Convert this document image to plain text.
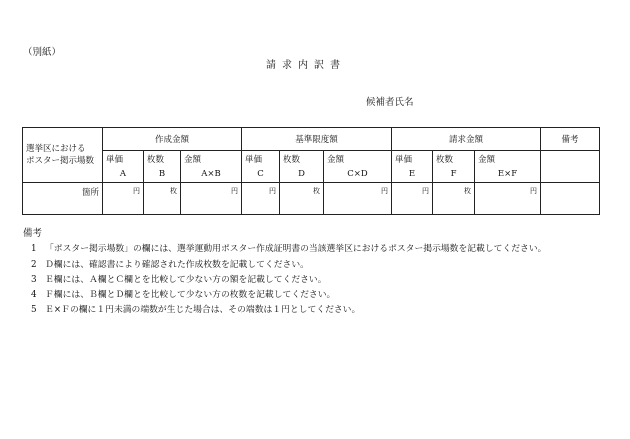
（別紙）
請求内訳書
候補者氏名
選挙区における
ポスター掲示場数	作成金額			基準限度額			請求金額			備考
	単価	枚数	金額	単価	枚数	金額	単価	枚数	金額	
	A	B	A×B	C	D	C×D	E	F	E×F	
箇所	円	枚	円	円	枚	円	円	枚	円	
備考
1 「ポスター掲示場数」の欄には、選挙運動用ポスター作成証明書の当該選挙区におけるポスター掲示場数を記載してください。
2 Ｄ欄には、確認書により確認された作成枚数を記載してください。
3 Ｅ欄には、Ａ欄とＣ欄とを比較して少ない方の額を記載してください。
4 Ｆ欄には、Ｂ欄とＤ欄とを比較して少ない方の枚数を記載してください。
5 Ｅ×Ｆの欄に１円未満の端数が生じた場合は、その端数は１円としてください。
